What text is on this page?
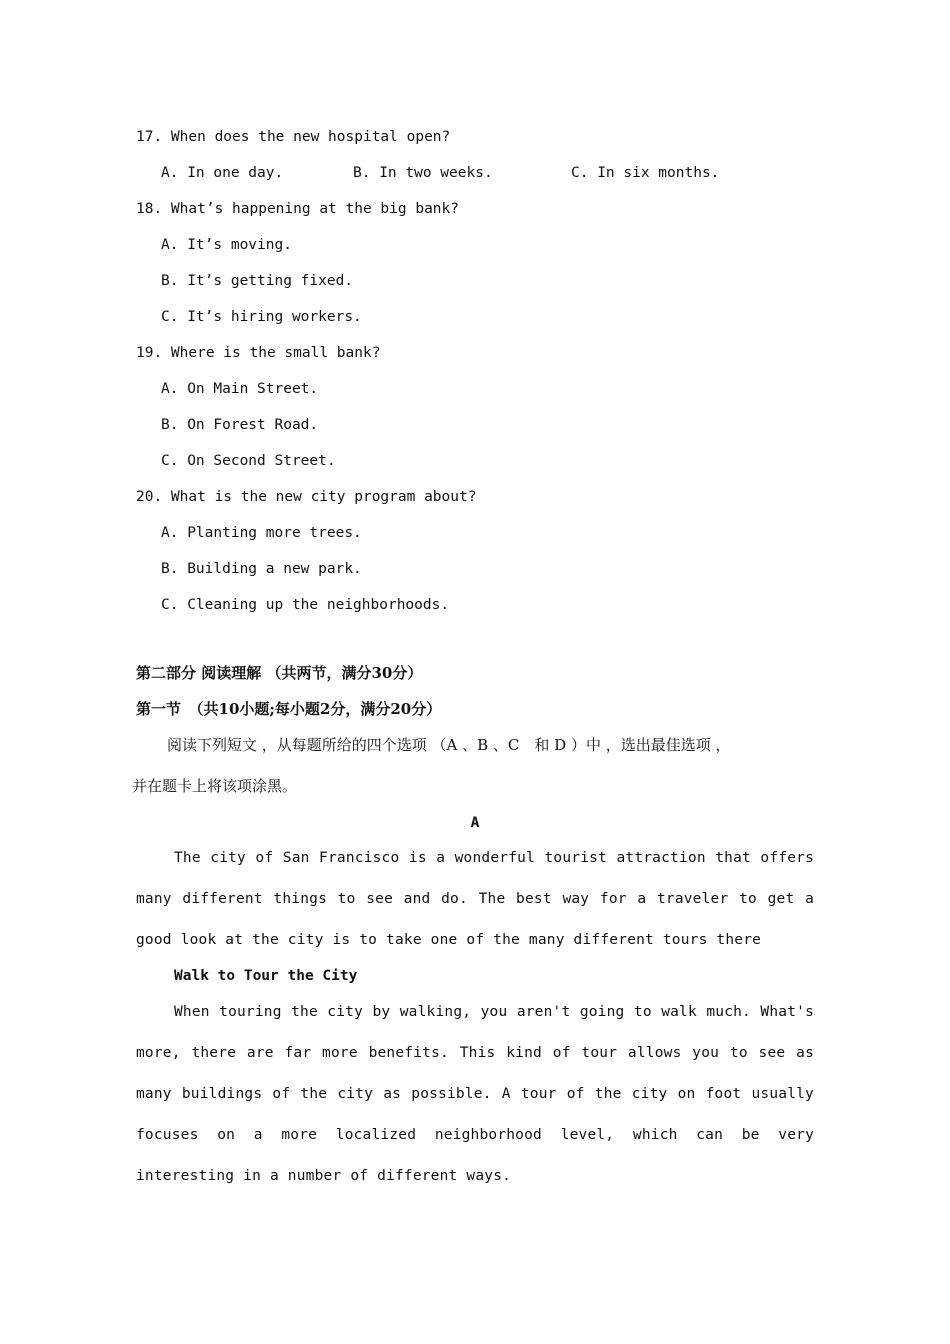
17. When does the new hospital open?
A. In one day.	B. In two weeks.	C. In six months.
18. What’s happening at the big bank?
A. It’s moving.
B. It’s getting fixed.
C. It’s hiring workers.
19. Where is the small bank?
A. On Main Street.
B. On Forest Road.
C. On Second Street.
20. What is the new city program about?
A. Planting more trees.
B. Building a new park.
C. Cleaning up the neighborhoods.
第二部分 阅读理解 （共两节，满分30分）
第一节　（共10小题;每小题2分，满分20分）
阅读下列短文 ，从每题所给的四个选项 （A 、B 、C　和 D ）中 ，选出最佳选项 ，
并在题卡上将该项涂黑。
A
The city of San Francisco is a wonderful tourist attraction that offers many different things to see and do. The best way for a traveler to get a good look at the city is to take one of the many different tours there
Walk to Tour the City
When touring the city by walking, you aren't going to walk much. What's more, there are far more benefits. This kind of tour allows you to see as many buildings of the city as possible. A tour of the city on foot usually focuses on a more localized neighborhood level, which can be very interesting in a number of different ways.
